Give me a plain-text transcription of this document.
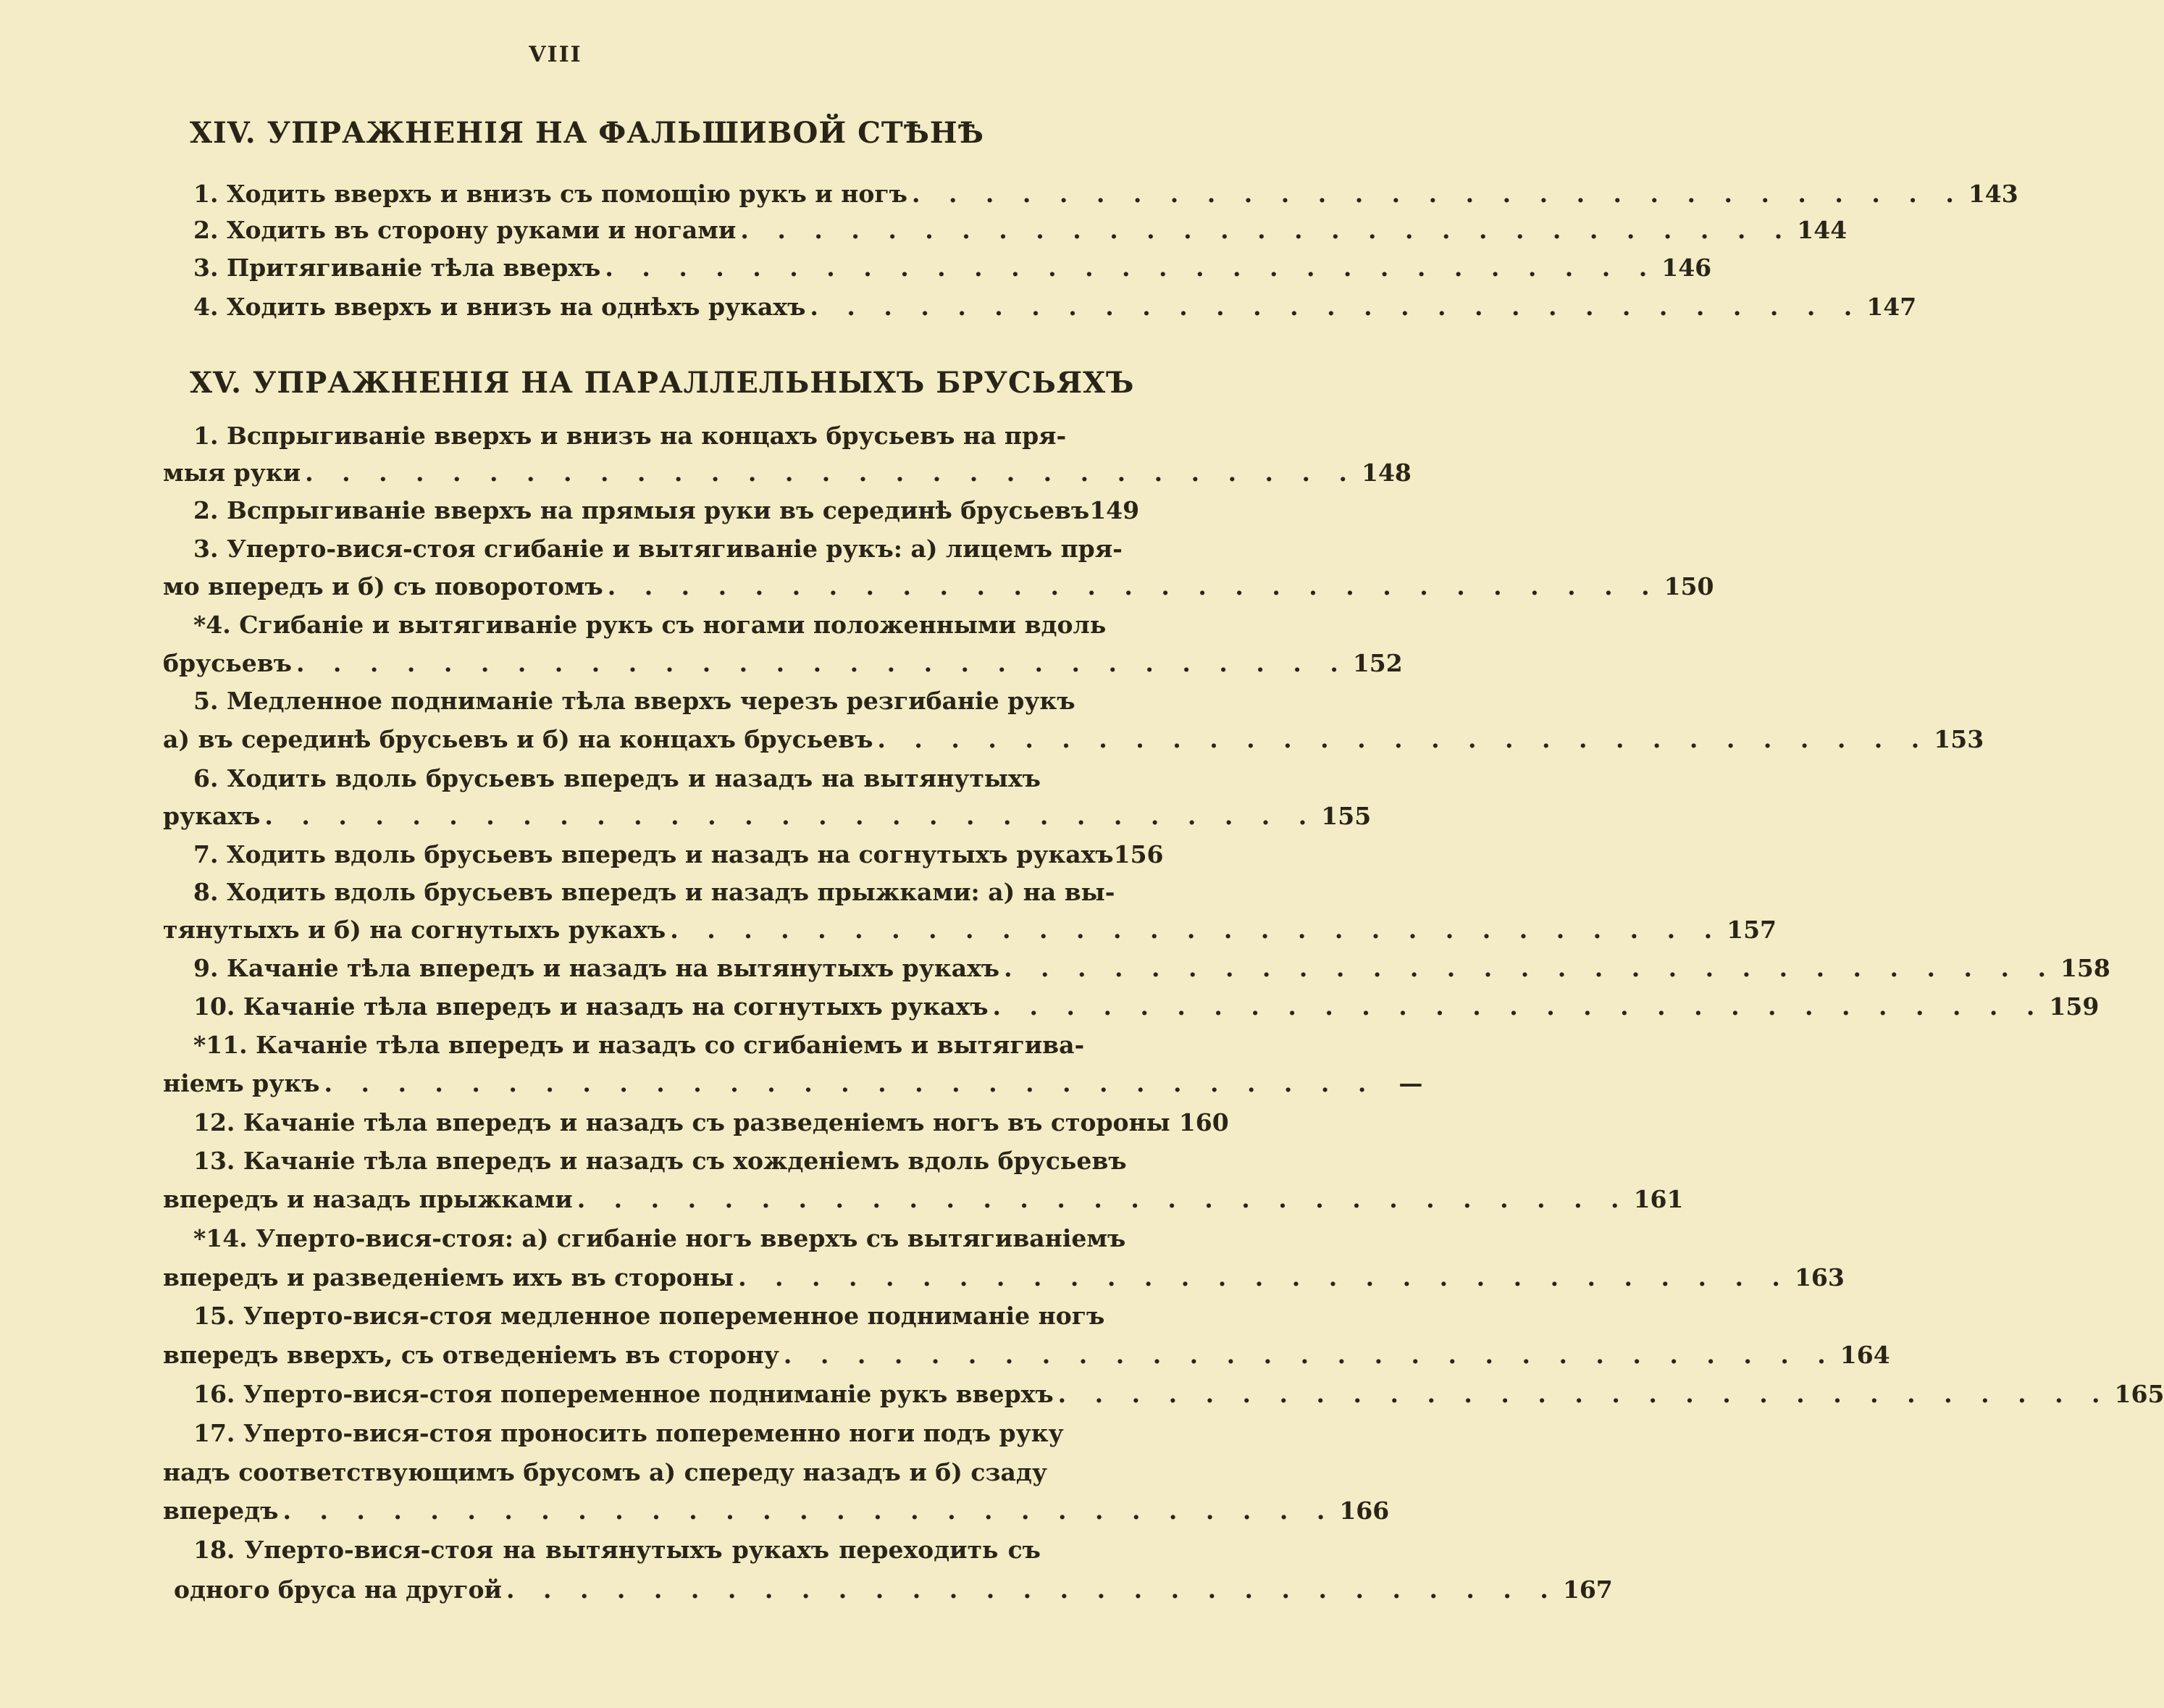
VIII
XIV. УПРАЖНЕНІЯ НА ФАЛЬШИВОЙ СТѢНѢ
1. Ходить вверхъ и внизъ съ помощію рукъ и ногъ . . . . . . . . . . . . . . . . . . . . . . . . . . . . . 143
2. Ходить въ сторону руками и ногами . . . . . . . . . . . . . . . . . . . . . . . . . . . . . 144
3. Притягиваніе тѣла вверхъ . . . . . . . . . . . . . . . . . . . . . . . . . . . . . 146
4. Ходить вверхъ и внизъ на однѣхъ рукахъ . . . . . . . . . . . . . . . . . . . . . . . . . . . . . 147
XV. УПРАЖНЕНІЯ НА ПАРАЛЛЕЛЬНЫХЪ БРУСЬЯХЪ
1. Вспрыгиваніе вверхъ и внизъ на концахъ брусьевъ на пря-
мыя руки . . . . . . . . . . . . . . . . . . . . . . . . . . . . . 148
2. Вспрыгиваніе вверхъ на прямыя руки въ серединѣ брусьевъ 149
3. Уперто-вися-стоя сгибаніе и вытягиваніе рукъ: а) лицемъ пря-
мо впередъ и б) съ поворотомъ . . . . . . . . . . . . . . . . . . . . . . . . . . . . . 150
*4. Сгибаніе и вытягиваніе рукъ съ ногами положенными вдоль
брусьевъ . . . . . . . . . . . . . . . . . . . . . . . . . . . . . 152
5. Медленное подниманіе тѣла вверхъ черезъ резгибаніе рукъ
а) въ серединѣ брусьевъ и б) на концахъ брусьевъ . . . . . . . . . . . . . . . . . . . . . . . . . . . . . 153
6. Ходить вдоль брусьевъ впередъ и назадъ на вытянутыхъ
рукахъ . . . . . . . . . . . . . . . . . . . . . . . . . . . . . 155
7. Ходить вдоль брусьевъ впередъ и назадъ на согнутыхъ рукахъ 156
8. Ходить вдоль брусьевъ впередъ и назадъ прыжками: а) на вы-
тянутыхъ и б) на согнутыхъ рукахъ . . . . . . . . . . . . . . . . . . . . . . . . . . . . . 157
9. Качаніе тѣла впередъ и назадъ на вытянутыхъ рукахъ . . . . . . . . . . . . . . . . . . . . . . . . . . . . . 158
10. Качаніе тѣла впередъ и назадъ на согнутыхъ рукахъ . . . . . . . . . . . . . . . . . . . . . . . . . . . . . 159
*11. Качаніе тѣла впередъ и назадъ со сгибаніемъ и вытягива-
ніемъ рукъ . . . . . . . . . . . . . . . . . . . . . . . . . . . . . —
12. Качаніе тѣла впередъ и назадъ съ разведеніемъ ногъ въ стороны 160
13. Качаніе тѣла впередъ и назадъ съ хожденіемъ вдоль брусьевъ
впередъ и назадъ прыжками . . . . . . . . . . . . . . . . . . . . . . . . . . . . . 161
*14. Уперто-вися-стоя: а) сгибаніе ногъ вверхъ съ вытягиваніемъ
впередъ и разведеніемъ ихъ въ стороны . . . . . . . . . . . . . . . . . . . . . . . . . . . . . 163
15. Уперто-вися-стоя медленное попеременное подниманіе ногъ
впередъ вверхъ, съ отведеніемъ въ сторону . . . . . . . . . . . . . . . . . . . . . . . . . . . . . 164
16. Уперто-вися-стоя попеременное подниманіе рукъ вверхъ . . . . . . . . . . . . . . . . . . . . . . . . . . . . . 165
17. Уперто-вися-стоя проносить попеременно ноги подъ руку
надъ соответствующимъ брусомъ а) спереду назадъ и б) сзаду
впередъ . . . . . . . . . . . . . . . . . . . . . . . . . . . . . 166
18. Уперто-вися-стоя на вытянутыхъ рукахъ переходить съ
одного бруса на другой . . . . . . . . . . . . . . . . . . . . . . . . . . . . . 167
